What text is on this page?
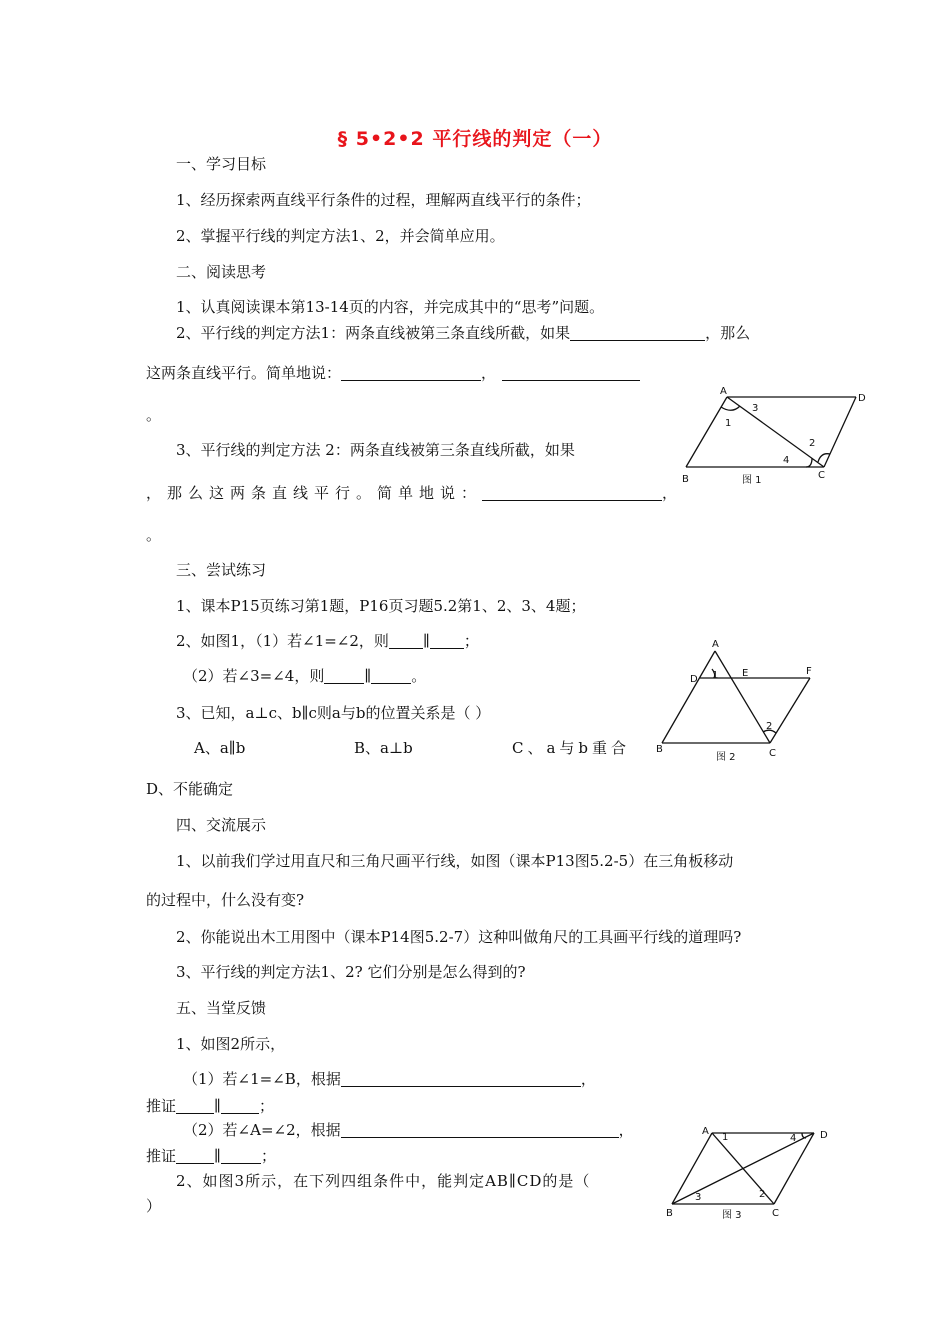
§ 5•2•2 平行线的判定（一）
一、学习目标
1、经历探索两直线平行条件的过程，理解两直线平行的条件；
2、掌握平行线的判定方法1、2，并会简单应用。
二、阅读思考
1、认真阅读课本第13-14页的内容，并完成其中的“思考”问题。
2、平行线的判定方法1：两条直线被第三条直线所截，如果	，那么
这两条直线平行。简单地说：	，
。
3、平行线的判定方法 2：两条直线被第三条直线所截，如果
，那么这两条直线平行。简单地说：	，
。
三、尝试练习
1、课本P15页练习第1题，P16页习题5.2第1、2、3、4题；
2、如图1，（1）若∠1=∠2，则 ∥ ；
（2）若∠3=∠4，则	∥	。
3、已知，a⊥c、b∥c则a与b的位置关系是（ ）
A、a∥b	B、a⊥b	C、a与b重合
D、不能确定
四、交流展示
1、以前我们学过用直尺和三角尺画平行线，如图（课本P13图5.2-5）在三角板移动
的过程中，什么没有变?
2、你能说出木工用图中（课本P14图5.2-7）这种叫做角尺的工具画平行线的道理吗?
3、平行线的判定方法1、2? 它们分别是怎么得到的?
五、当堂反馈
1、如图2所示，
（1）若∠1=∠B，根据	，
推证	∥	；
（2）若∠A=∠2，根据	，
推证	∥	；
2、如图3所示，在下列四组条件中，能判定AB∥CD的是（
）
A
D
B	C
1
3
2
4
图 1
A
D
E	F
B	C
1
2
图 2
A	D
B	C
1	4
3	2
图 3
